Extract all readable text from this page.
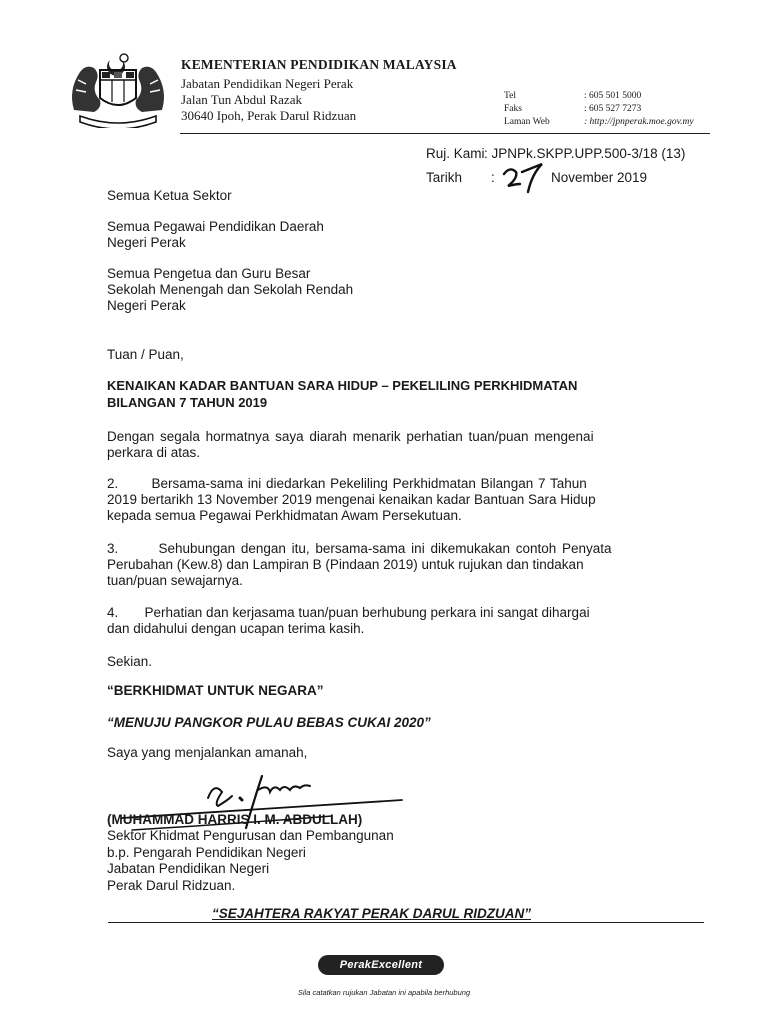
KEMENTERIAN PENDIDIKAN MALAYSIA
Jabatan Pendidikan Negeri Perak
Jalan Tun Abdul Razak
30640 Ipoh, Perak Darul Ridzuan
Tel	: 605 501 5000
Faks	: 605 527 7273
Laman Web	: http://jpnperak.moe.gov.my
Ruj. Kami : JPNPk.SKPP.UPP.500-3/18 (13)
Tarikh :	November 2019
Semua Ketua Sektor
Semua Pegawai Pendidikan Daerah
Negeri Perak
Semua Pengetua dan Guru Besar
Sekolah Menengah dan Sekolah Rendah
Negeri Perak
Tuan / Puan,
KENAIKAN KADAR BANTUAN SARA HIDUP – PEKELILING PERKHIDMATAN
BILANGAN 7 TAHUN 2019
Dengan segala hormatnya saya diarah menarik perhatian tuan/puan mengenai
perkara di atas.
2.       Bersama-sama ini diedarkan Pekeliling Perkhidmatan Bilangan 7 Tahun
2019 bertarikh 13 November 2019 mengenai kenaikan kadar Bantuan Sara Hidup
kepada semua Pegawai Perkhidmatan Awam Persekutuan.
3.       Sehubungan dengan itu, bersama-sama ini dikemukakan contoh Penyata
Perubahan (Kew.8) dan Lampiran B (Pindaan 2019) untuk rujukan dan tindakan
tuan/puan sewajarnya.
4.       Perhatian dan kerjasama tuan/puan berhubung perkara ini sangat dihargai
dan didahului dengan ucapan terima kasih.
Sekian.
“BERKHIDMAT UNTUK NEGARA”
“MENUJU PANGKOR PULAU BEBAS CUKAI 2020”
Saya yang menjalankan amanah,
(MUHAMMAD HARRIS I. M. ABDULLAH)
Sektor Khidmat Pengurusan dan Pembangunan
b.p. Pengarah Pendidikan Negeri
Jabatan Pendidikan Negeri
Perak Darul Ridzuan.
“SEJAHTERA RAKYAT PERAK DARUL RIDZUAN”
PerakExcellent
Sila catatkan rujukan Jabatan ini apabila berhubung
